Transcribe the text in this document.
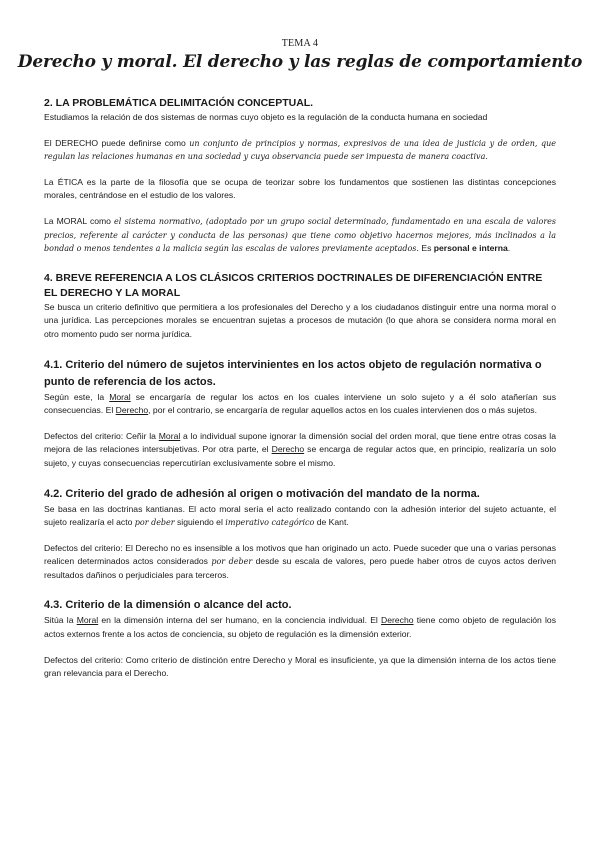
TEMA 4
Derecho y moral. El derecho y las reglas de comportamiento

2. LA PROBLEMÁTICA DELIMITACIÓN CONCEPTUAL.

Estudiamos la relación de dos sistemas de normas cuyo objeto es la regulación de la conducta humana en sociedad

El DERECHO puede definirse como un conjunto de principios y normas, expresivos de una idea de justicia y de orden, que regulan las relaciones humanas en una sociedad y cuya observancia puede ser impuesta de manera coactiva.

La ÉTICA es la parte de la filosofía que se ocupa de teorizar sobre los fundamentos que sostienen las distintas concepciones morales, centrándose en el estudio de los valores.

La MORAL como el sistema normativo, (adoptado por un grupo social determinado, fundamentado en una escala de valores precios, referente al carácter y conducta de las personas) que tiene como objetivo hacernos mejores, más inclinados a la bondad o menos tendentes a la malicia según las escalas de valores previamente aceptados. Es personal e interna.

4. BREVE REFERENCIA A LOS CLÁSICOS CRITERIOS DOCTRINALES DE DIFERENCIACIÓN ENTRE EL DERECHO Y LA MORAL

Se busca un criterio definitivo que permitiera a los profesionales del Derecho y a los ciudadanos distinguir entre una norma moral o una jurídica. Las percepciones morales se encuentran sujetas a procesos de mutación (lo que ahora se considera norma moral en otro momento pudo ser norma jurídica.

4.1. Criterio del número de sujetos intervinientes en los actos objeto de regulación normativa o punto de referencia de los actos.

Según este, la Moral se encargaría de regular los actos en los cuales interviene un solo sujeto y a él solo atañerían sus consecuencias. El Derecho, por el contrario, se encargaría de regular aquellos actos en los cuales intervienen dos o más sujetos.

Defectos del criterio: Ceñir la Moral a lo individual supone ignorar la dimensión social del orden moral, que tiene entre otras cosas la mejora de las relaciones intersubjetivas. Por otra parte, el Derecho se encarga de regular actos que, en principio, realizaría un solo sujeto, y cuyas consecuencias repercutirían exclusivamente sobre el mismo.

4.2. Criterio del grado de adhesión al origen o motivación del mandato de la norma.

Se basa en las doctrinas kantianas. El acto moral sería el acto realizado contando con la adhesión interior del sujeto actuante, el sujeto realizaría el acto por deber siguiendo el imperativo categórico de Kant.

Defectos del criterio: El Derecho no es insensible a los motivos que han originado un acto. Puede suceder que una o varias personas realicen determinados actos considerados por deber desde su escala de valores, pero puede haber otros de cuyos actos deriven resultados dañinos o perjudiciales para terceros.

4.3. Criterio de la dimensión o alcance del acto.

Sitúa la Moral en la dimensión interna del ser humano, en la conciencia individual. El Derecho tiene como objeto de regulación los actos externos frente a los actos de conciencia, su objeto de regulación es la dimensión exterior.

Defectos del criterio: Como criterio de distinción entre Derecho y Moral es insuficiente, ya que la dimensión interna de los actos tiene gran relevancia para el Derecho.
